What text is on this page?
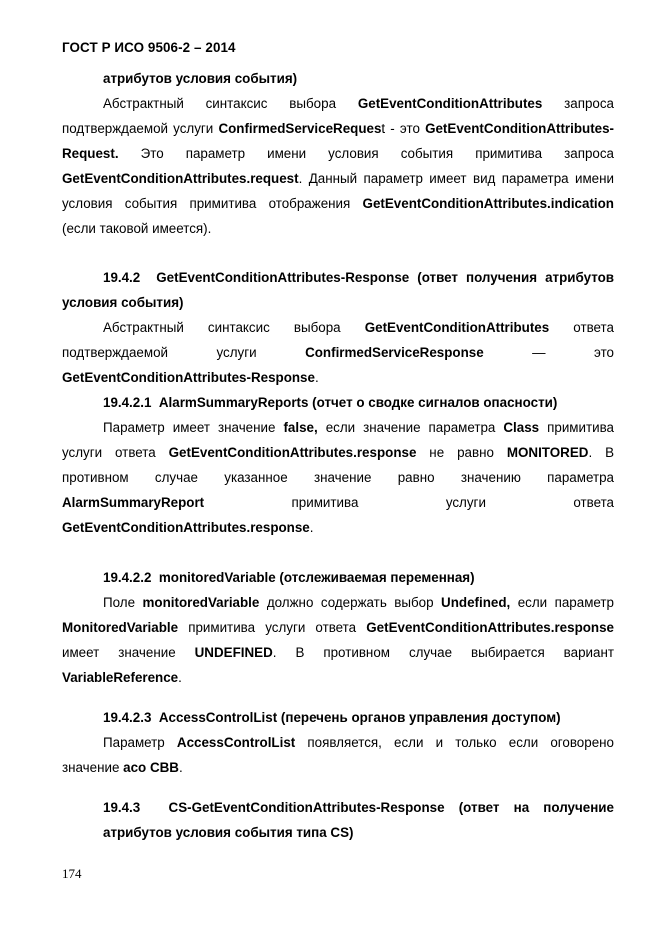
ГОСТ Р ИСО 9506-2 – 2014
атрибутов условия события)
Абстрактный синтаксис выбора GetEventConditionAttributes запроса подтверждаемой услуги ConfirmedServiceRequest - это GetEventConditionAttributes-Request. Это параметр имени условия события примитива запроса GetEventConditionAttributes.request. Данный параметр имеет вид параметра имени условия события примитива отображения GetEventConditionAttributes.indication (если таковой имеется).
19.4.2 GetEventConditionAttributes-Response (ответ получения атрибутов условия события)
Абстрактный синтаксис выбора GetEventConditionAttributes ответа подтверждаемой услуги ConfirmedServiceResponse — это GetEventConditionAttributes-Response.
19.4.2.1 AlarmSummaryReports (отчет о сводке сигналов опасности)
Параметр имеет значение false, если значение параметра Class примитива услуги ответа GetEventConditionAttributes.response не равно MONITORED. В противном случае указанное значение равно значению параметра AlarmSummaryReport примитива услуги ответа GetEventConditionAttributes.response.
19.4.2.2 monitoredVariable (отслеживаемая переменная)
Поле monitoredVariable должно содержать выбор Undefined, если параметр MonitoredVariable примитива услуги ответа GetEventConditionAttributes.response имеет значение UNDEFINED. В противном случае выбирается вариант VariableReference.
19.4.2.3 AccessControlList (перечень органов управления доступом)
Параметр AccessControlList появляется, если и только если оговорено значение aco CBB.
19.4.3 CS-GetEventConditionAttributes-Response (ответ на получение атрибутов условия события типа CS)
174
